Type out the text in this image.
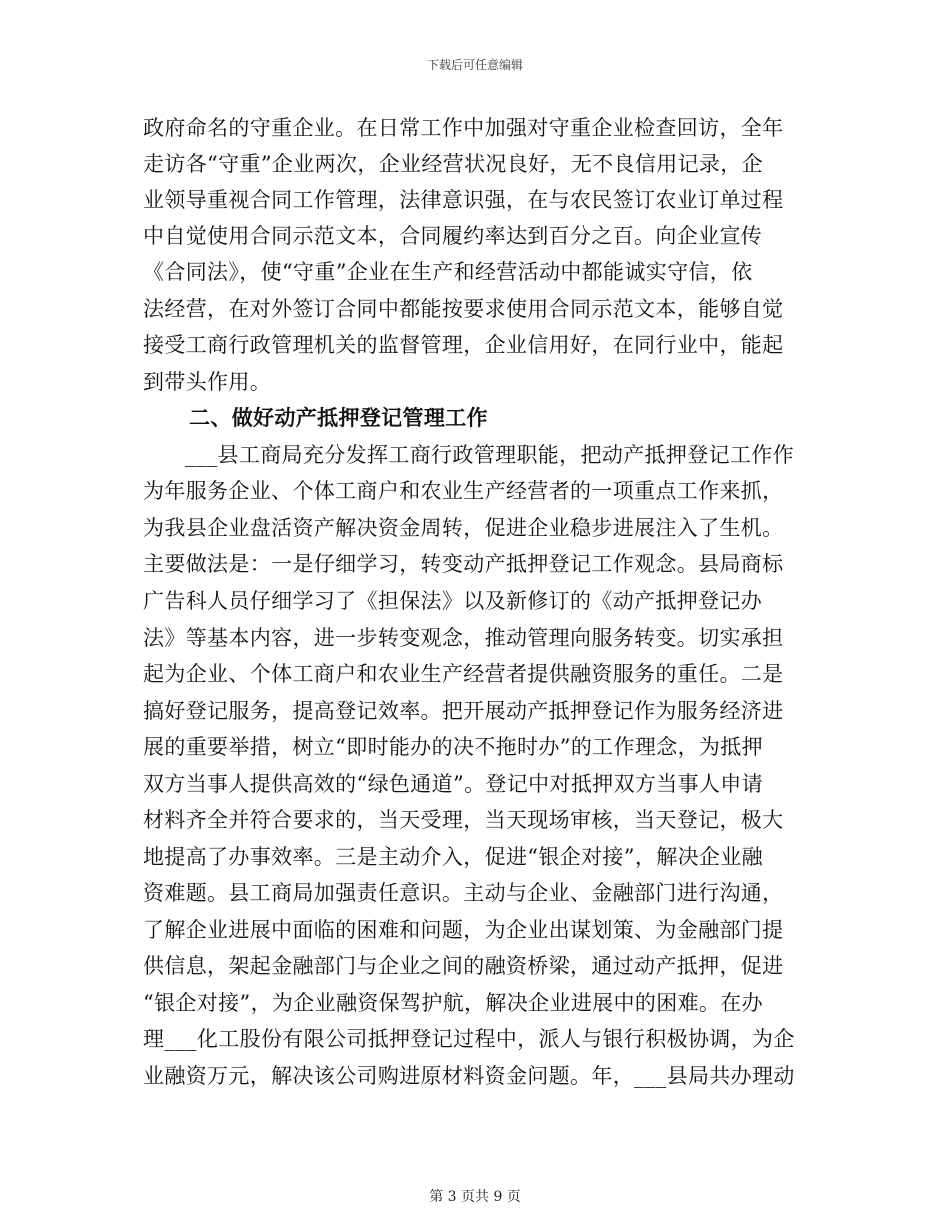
下载后可任意编辑
政府命名的守重企业。在日常工作中加强对守重企业检查回访，全年
走访各“守重”企业两次，企业经营状况良好，无不良信用记录，企
业领导重视合同工作管理，法律意识强，在与农民签订农业订单过程
中自觉使用合同示范文本，合同履约率达到百分之百。向企业宣传
《合同法》，使“守重”企业在生产和经营活动中都能诚实守信，依
法经营，在对外签订合同中都能按要求使用合同示范文本，能够自觉
接受工商行政管理机关的监督管理，企业信用好，在同行业中，能起
到带头作用。
二、做好动产抵押登记管理工作
___县工商局充分发挥工商行政管理职能，把动产抵押登记工作作
为年服务企业、个体工商户和农业生产经营者的一项重点工作来抓，
为我县企业盘活资产解决资金周转，促进企业稳步进展注入了生机。
主要做法是：一是仔细学习，转变动产抵押登记工作观念。县局商标
广告科人员仔细学习了《担保法》以及新修订的《动产抵押登记办
法》等基本内容，进一步转变观念，推动管理向服务转变。切实承担
起为企业、个体工商户和农业生产经营者提供融资服务的重任。二是
搞好登记服务，提高登记效率。把开展动产抵押登记作为服务经济进
展的重要举措，树立“即时能办的决不拖时办”的工作理念，为抵押
双方当事人提供高效的“绿色通道”。登记中对抵押双方当事人申请
材料齐全并符合要求的，当天受理，当天现场审核，当天登记，极大
地提高了办事效率。三是主动介入，促进“银企对接”，解决企业融
资难题。县工商局加强责任意识。主动与企业、金融部门进行沟通，
了解企业进展中面临的困难和问题，为企业出谋划策、为金融部门提
供信息，架起金融部门与企业之间的融资桥梁，通过动产抵押，促进
“银企对接”，为企业融资保驾护航，解决企业进展中的困难。在办
理___化工股份有限公司抵押登记过程中，派人与银行积极协调，为企
业融资万元，解决该公司购进原材料资金问题。年，___县局共办理动
第 3 页共 9 页
